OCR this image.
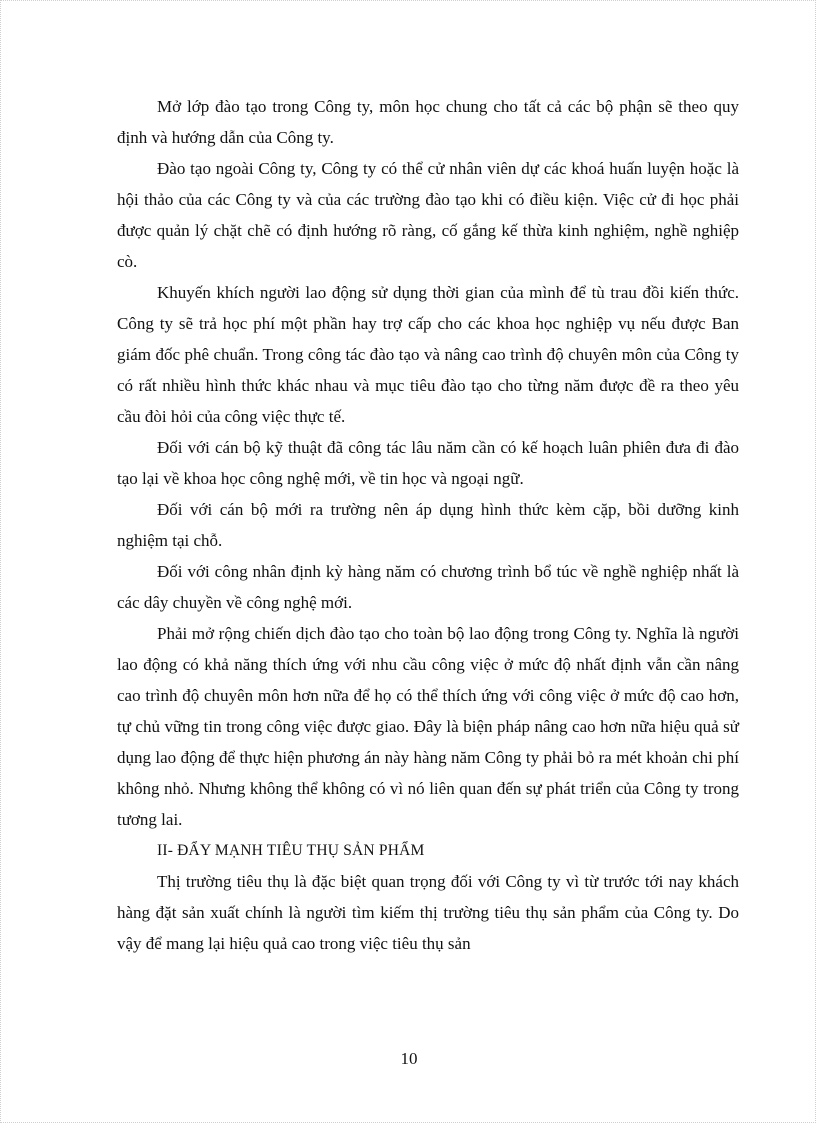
Mở lớp đào tạo trong Công ty, môn học chung cho tất cả các bộ phận sẽ theo quy định và hướng dẫn của Công ty.

Đào tạo ngoài Công ty, Công ty có thể cử nhân viên dự các khoá huấn luyện hoặc là hội thảo của các Công ty và của các trường đào tạo khi có điều kiện. Việc cử đi học phải được quản lý chặt chẽ có định hướng rõ ràng, cố gắng kế thừa kinh nghiệm, nghề nghiệp cò.

Khuyến khích người lao động sử dụng thời gian của mình để tù trau đồi kiến thức. Công ty sẽ trả học phí một phần hay trợ cấp cho các khoa học nghiệp vụ nếu được Ban giám đốc phê chuẩn. Trong công tác đào tạo và nâng cao trình độ chuyên môn của Công ty có rất nhiều hình thức khác nhau và mục tiêu đào tạo cho từng năm được đề ra theo yêu cầu đòi hỏi của công việc thực tế.

Đối với cán bộ kỹ thuật đã công tác lâu năm cần có kế hoạch luân phiên đưa đi đào tạo lại về khoa học công nghệ mới, về tin học và ngoại ngữ.

Đối với cán bộ mới ra trường nên áp dụng hình thức kèm cặp, bồi dưỡng kinh nghiệm tại chỗ.

Đối với công nhân định kỳ hàng năm có chương trình bổ túc về nghề nghiệp nhất là các dây chuyền về công nghệ mới.

Phải mở rộng chiến dịch đào tạo cho toàn bộ lao động trong Công ty. Nghĩa là người lao động có khả năng thích ứng với nhu cầu công việc ở mức độ nhất định vẫn cần nâng cao trình độ chuyên môn hơn nữa để họ có thể thích ứng với công việc ở mức độ cao hơn, tự chủ vững tin trong công việc được giao. Đây là biện pháp nâng cao hơn nữa hiệu quả sử dụng lao động để thực hiện phương án này hàng năm Công ty phải bỏ ra mét khoản chi phí không nhỏ. Nhưng không thể không có vì nó liên quan đến sự phát triển của Công ty trong tương lai.

II- ĐẨY MẠNH TIÊU THỤ SẢN PHẨM

Thị trường tiêu thụ là đặc biệt quan trọng đối với Công ty vì từ trước tới nay khách hàng đặt sản xuất chính là người tìm kiếm thị trường tiêu thụ sản phẩm của Công ty. Do vậy để mang lại hiệu quả cao trong việc tiêu thụ sản

10
